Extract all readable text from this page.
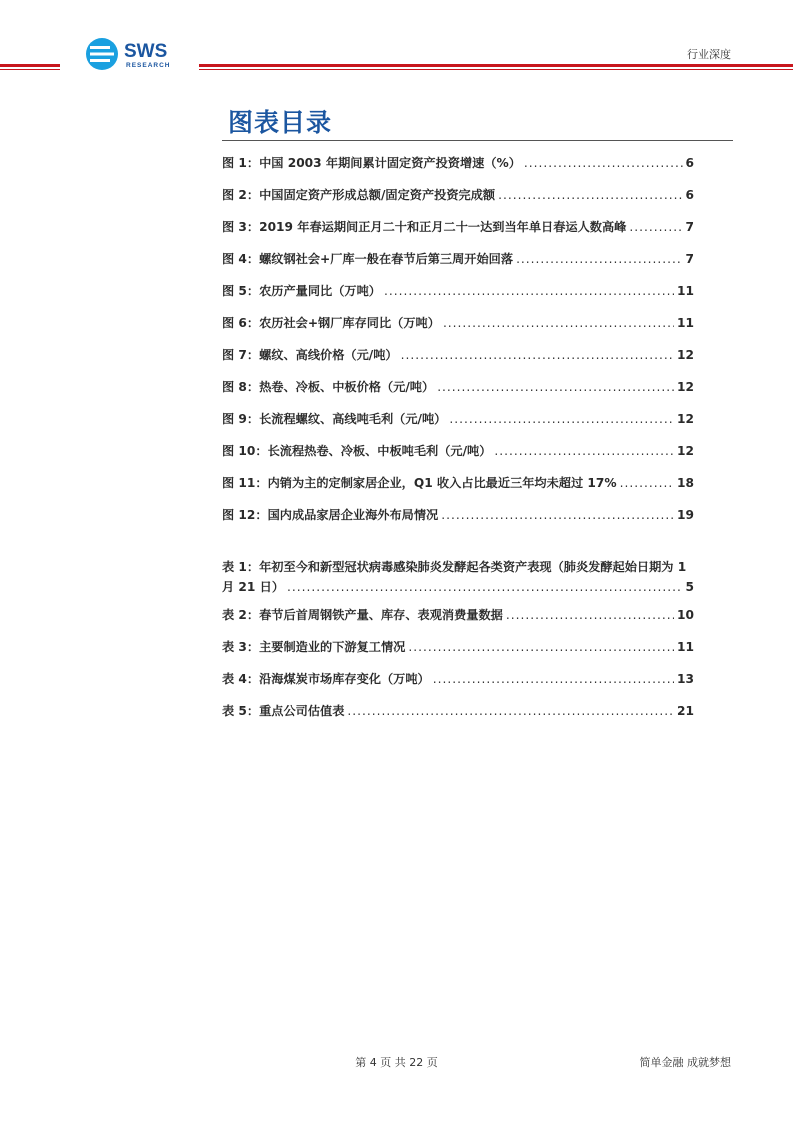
SWS
RESEARCH
行业深度
图表目录
图 1：中国 2003 年期间累计固定资产投资增速（%） .....	6
图 2：中国固定资产形成总额/固定资产投资完成额 .....	6
图 3：2019 年春运期间正月二十和正月二十一达到当年单日春运人数高峰 .....	7
图 4：螺纹钢社会+厂库一般在春节后第三周开始回落 .....	7
图 5：农历产量同比（万吨） .....	11
图 6：农历社会+钢厂库存同比（万吨） .....	11
图 7：螺纹、高线价格（元/吨） .....	12
图 8：热卷、冷板、中板价格（元/吨） .....	12
图 9：长流程螺纹、高线吨毛利（元/吨） .....	12
图 10：长流程热卷、冷板、中板吨毛利（元/吨） .....	12
图 11：内销为主的定制家居企业，Q1 收入占比最近三年均未超过 17% .....	18
图 12：国内成品家居企业海外布局情况 .....	19
表 1：年初至今和新型冠状病毒感染肺炎发酵起各类资产表现（肺炎发酵起始日期为 1
月 21 日） .....	5
表 2：春节后首周钢铁产量、库存、表观消费量数据 .....	10
表 3：主要制造业的下游复工情况 .....	11
表 4：沿海煤炭市场库存变化（万吨） .....	13
表 5：重点公司估值表 .....	21
第 4 页 共 22 页	简单金融 成就梦想
